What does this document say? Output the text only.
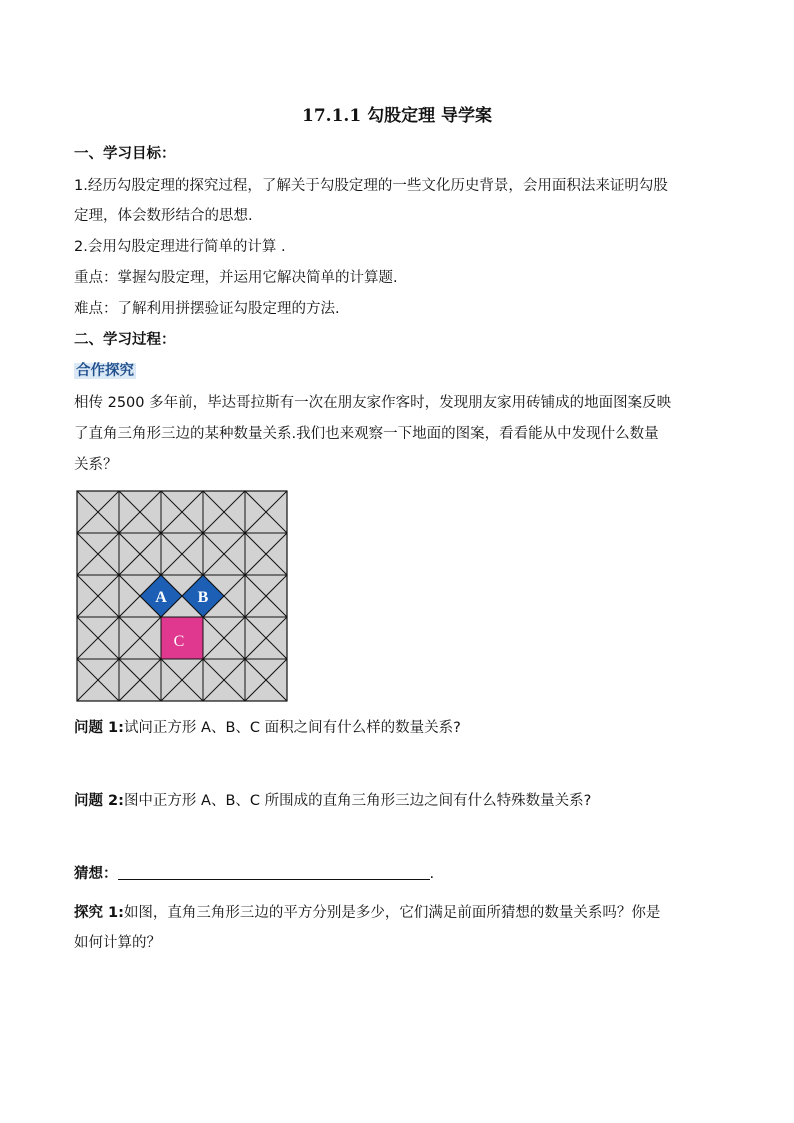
17.1.1 勾股定理 导学案
一、学习目标：
1.经历勾股定理的探究过程，了解关于勾股定理的一些文化历史背景，会用面积法来证明勾股
定理，体会数形结合的思想.
2.会用勾股定理进行简单的计算 .
重点：掌握勾股定理，并运用它解决简单的计算题.
难点：了解利用拼摆验证勾股定理的方法.
二、学习过程：
合作探究
相传 2500 多年前，毕达哥拉斯有一次在朋友家作客时，发现朋友家用砖铺成的地面图案反映
了直角三角形三边的某种数量关系.我们也来观察一下地面的图案，看看能从中发现什么数量
关系？
A B
C
问题 1:试问正方形 A、B、C 面积之间有什么样的数量关系?
问题 2:图中正方形 A、B、C 所围成的直角三角形三边之间有什么特殊数量关系?
猜想：	.
探究 1:如图，直角三角形三边的平方分别是多少，它们满足前面所猜想的数量关系吗？你是
如何计算的？
